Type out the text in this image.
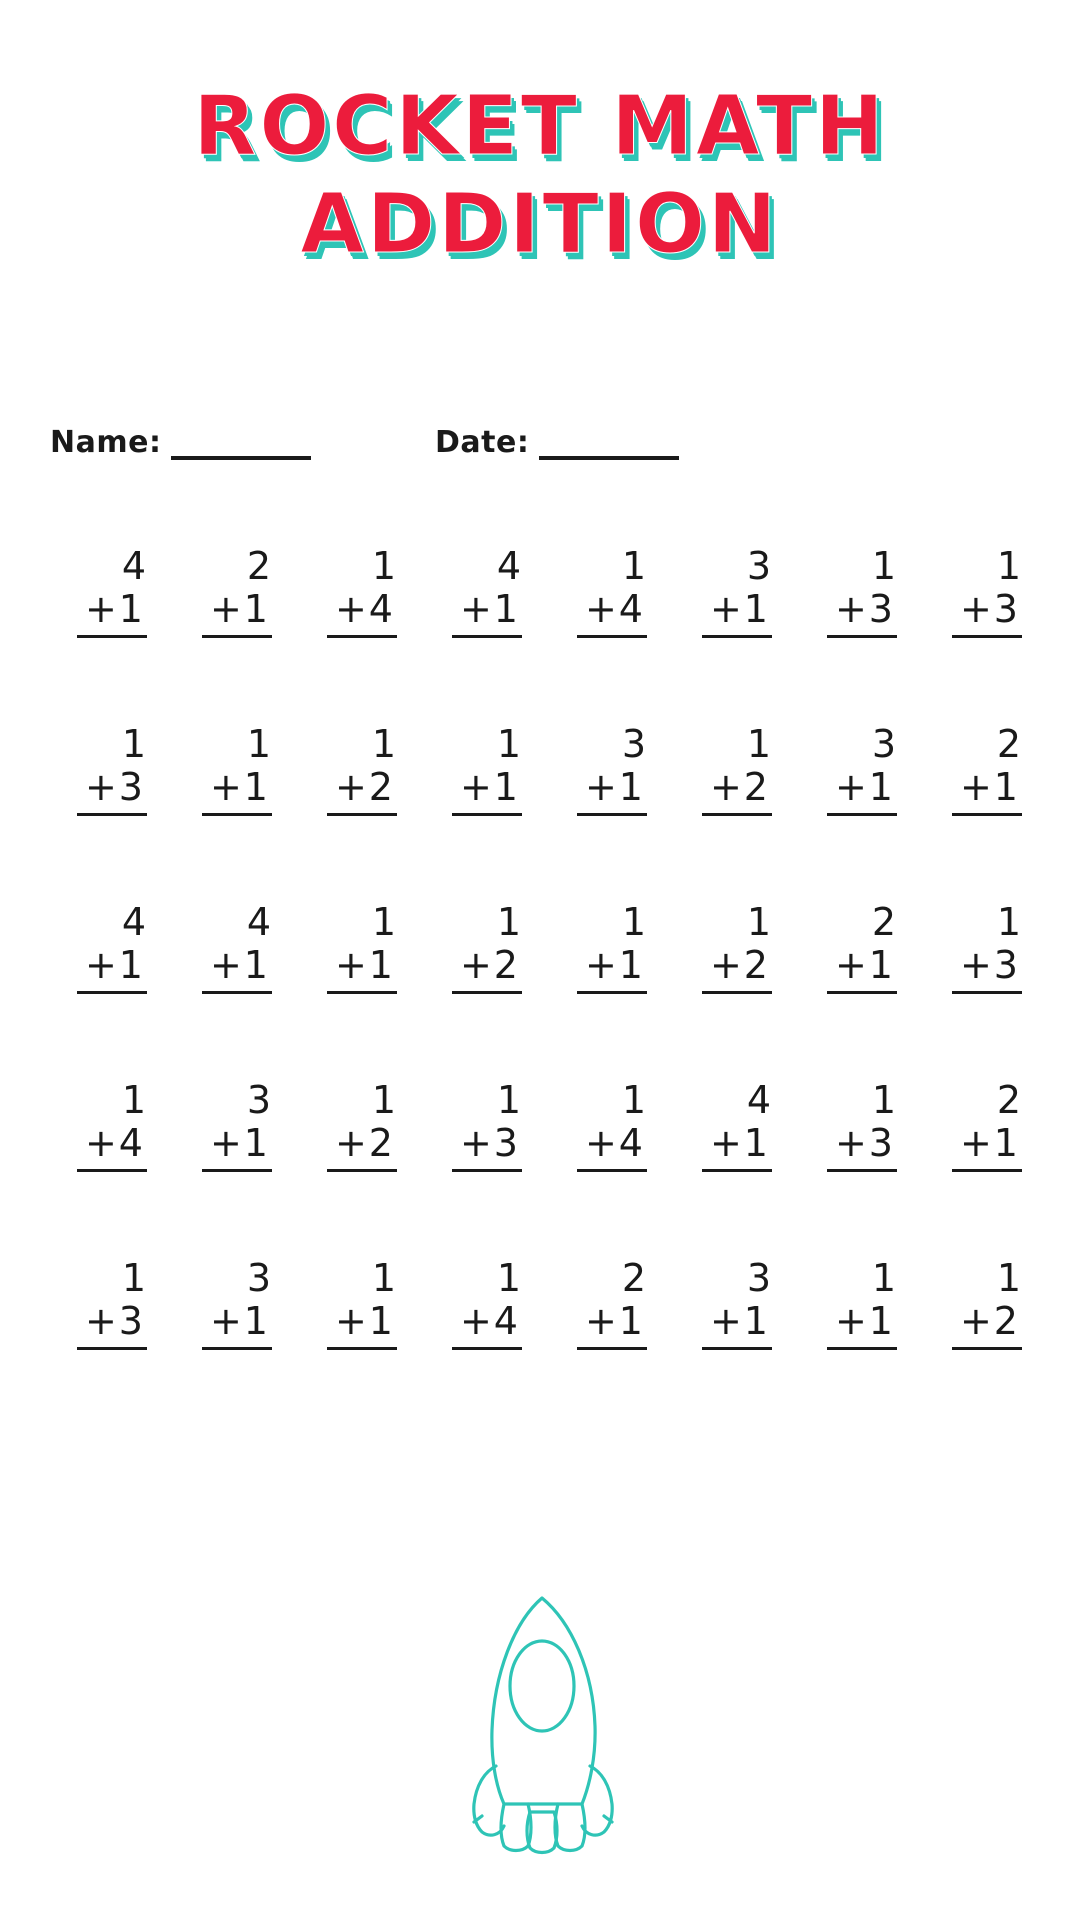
ROCKET MATH
ADDITION
Name:	Date:
4
+1
2
+1
1
+4
4
+1
1
+4
3
+1
1
+3
1
+3
1
+3
1
+1
1
+2
1
+1
3
+1
1
+2
3
+1
2
+1
4
+1
4
+1
1
+1
1
+2
1
+1
1
+2
2
+1
1
+3
1
+4
3
+1
1
+2
1
+3
1
+4
4
+1
1
+3
2
+1
1
+3
3
+1
1
+1
1
+4
2
+1
3
+1
1
+1
1
+2
